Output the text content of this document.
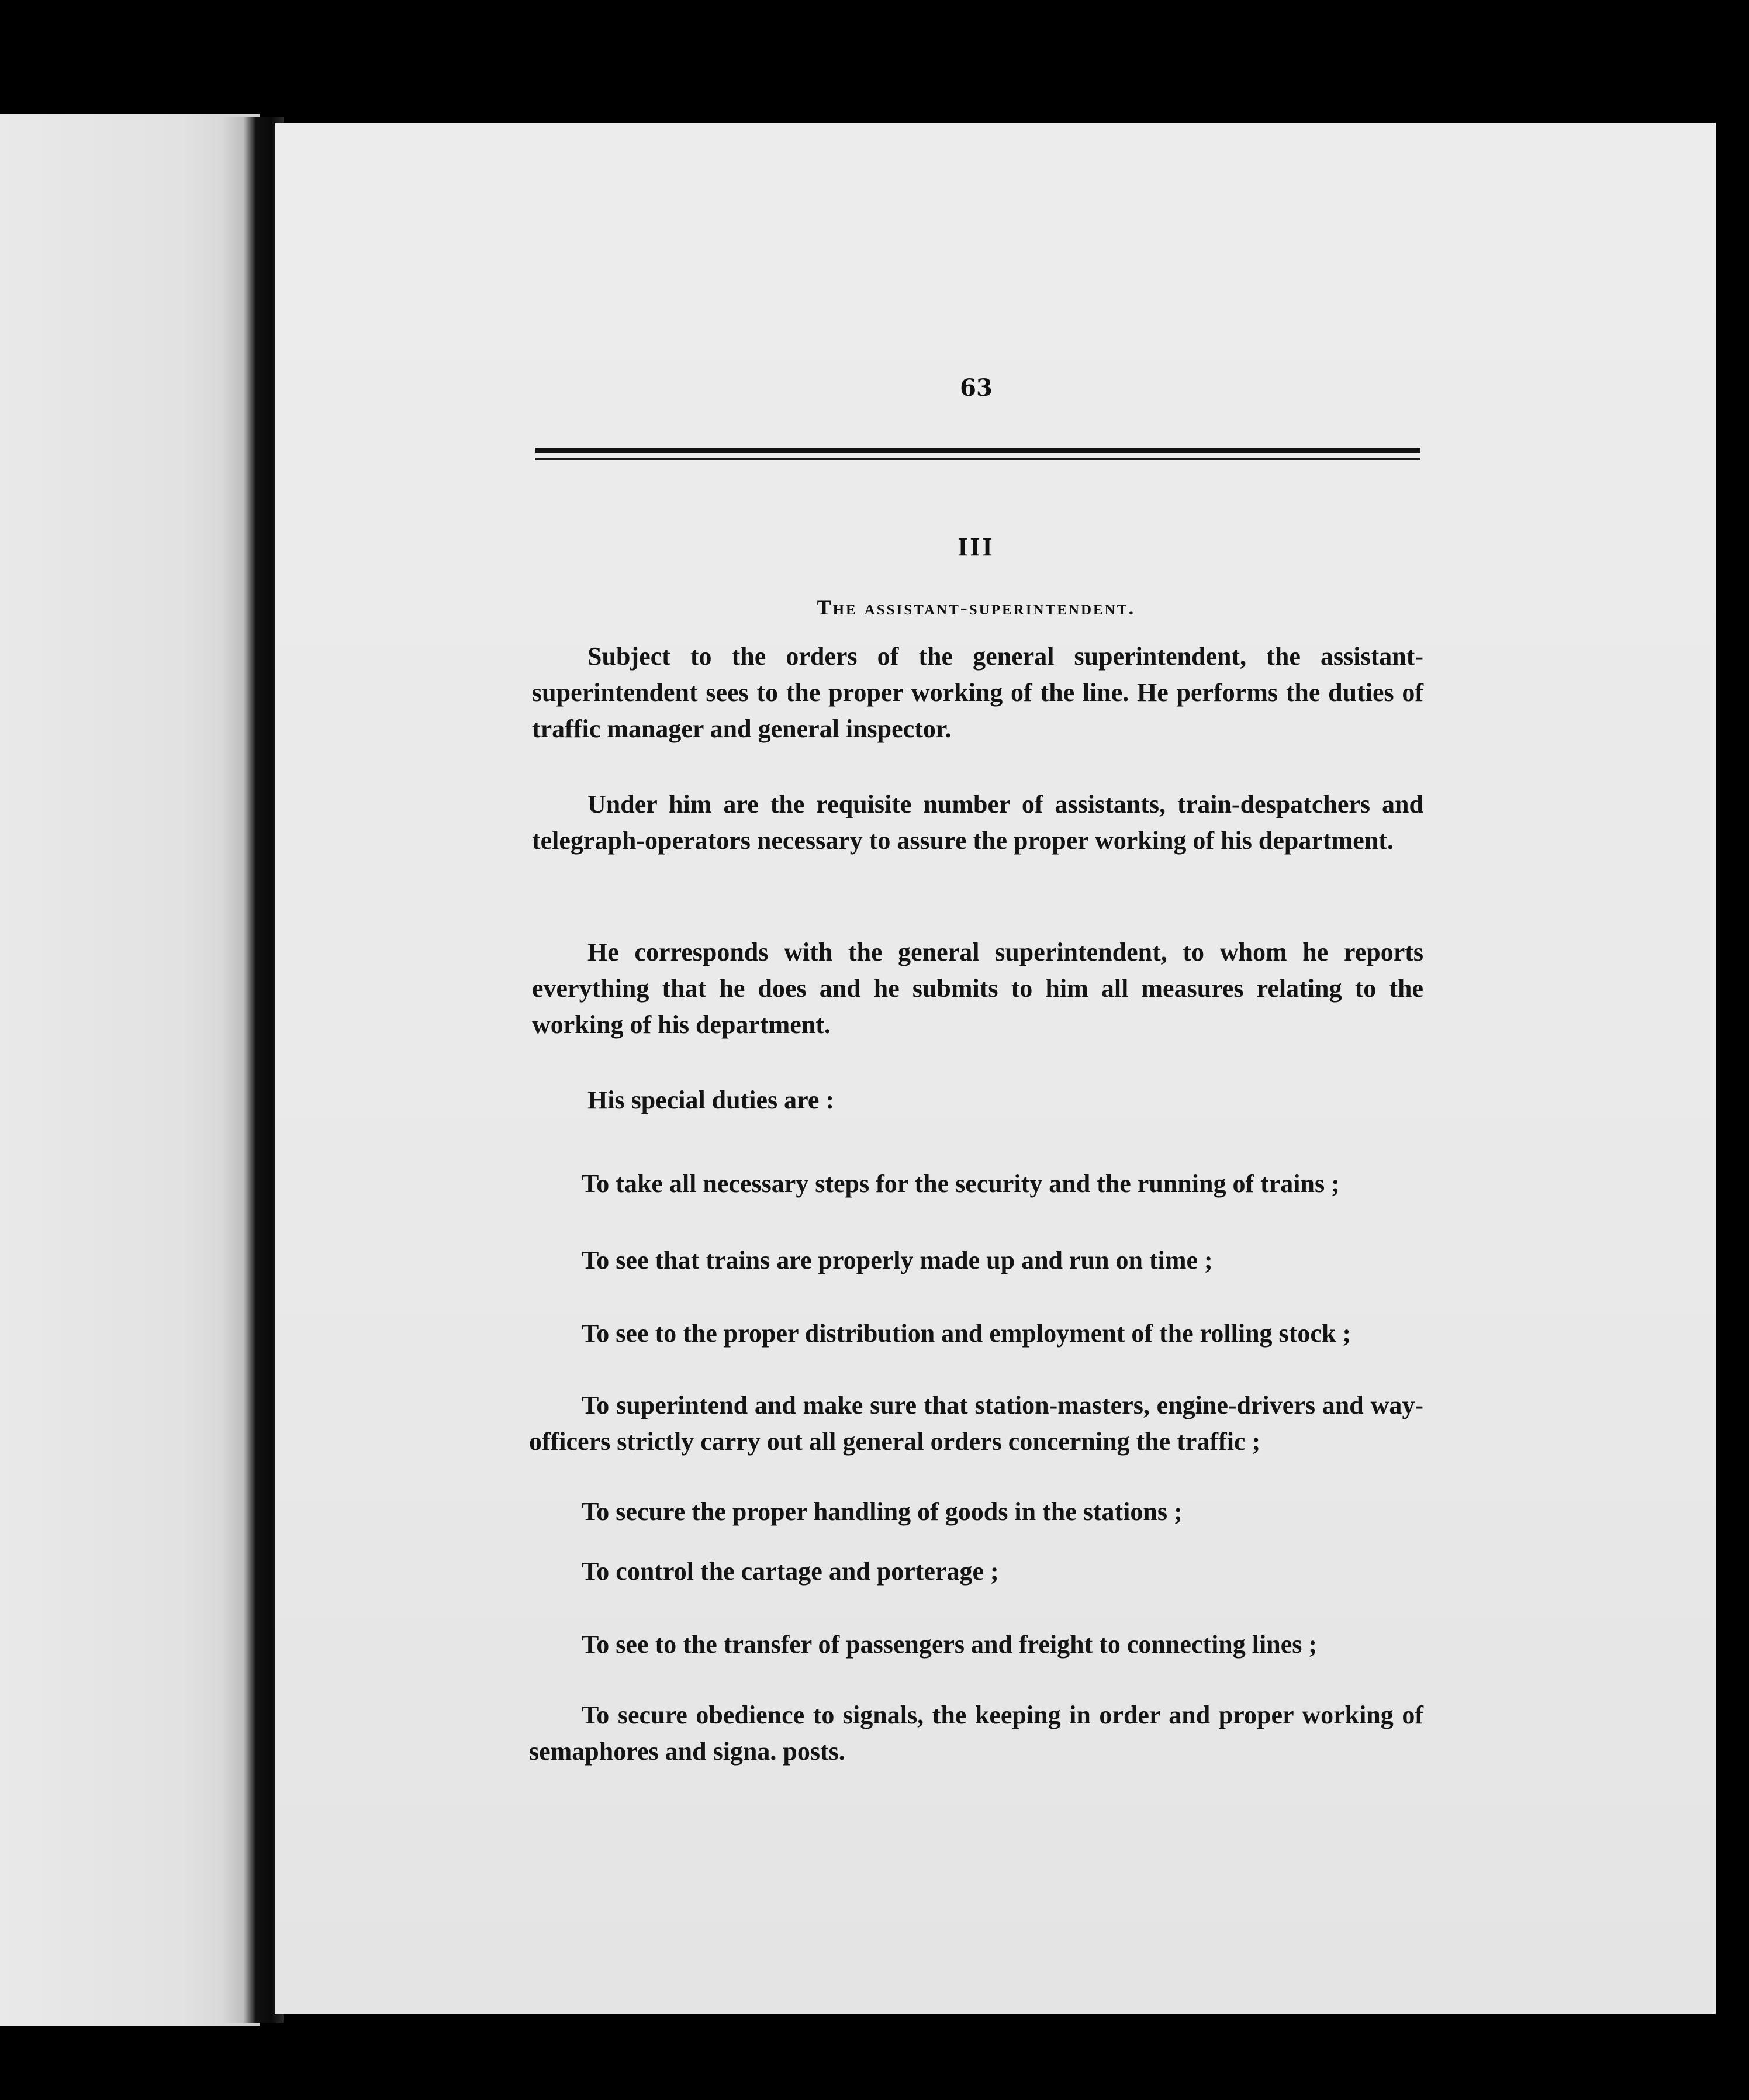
63
III
The assistant-superintendent.
Subject to the orders of the general superintendent, the assistant-superintendent sees to the proper working of the line. He performs the duties of traffic manager and general inspector.
Under him are the requisite number of assistants, train-despatchers and telegraph-operators necessary to assure the proper working of his department.
He corresponds with the general superintendent, to whom he reports everything that he does and he submits to him all measures relating to the working of his department.
His special duties are :
To take all necessary steps for the security and the running of trains ;
To see that trains are properly made up and run on time ;
To see to the proper distribution and employment of the rolling stock ;
To superintend and make sure that station-masters, engine-drivers and way-officers strictly carry out all general orders concerning the traffic ;
To secure the proper handling of goods in the stations ;
To control the cartage and porterage ;
To see to the transfer of passengers and freight to connecting lines ;
To secure obedience to signals, the keeping in order and proper working of semaphores and signa. posts.
